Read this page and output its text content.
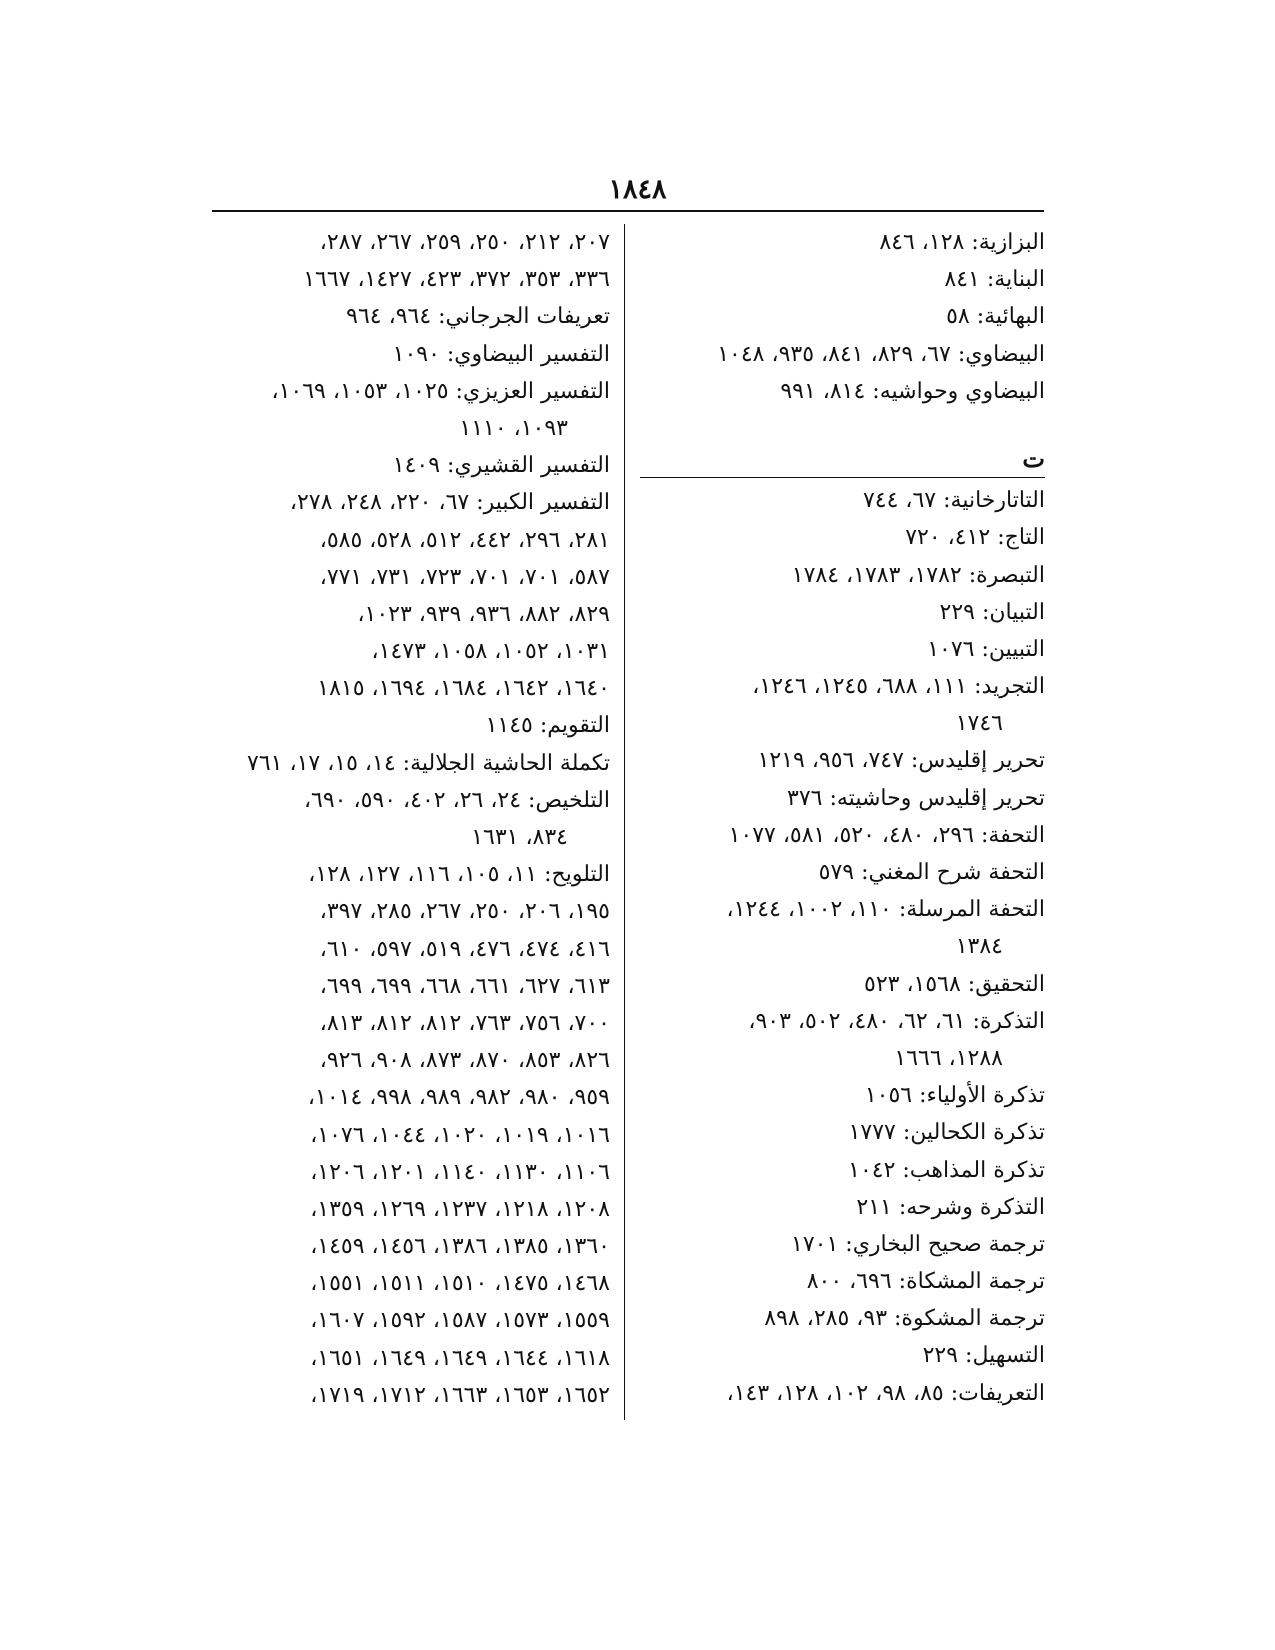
١٨٤٨
البزازية: ١٢٨، ٨٤٦
البناية: ٨٤١
البهائية: ٥٨
البيضاوي: ٦٧، ٨٢٩، ٨٤١، ٩٣٥، ١٠٤٨
البيضاوي وحواشيه: ٨١٤، ٩٩١
ت
التاتارخانية: ٦٧، ٧٤٤
التاج: ٤١٢، ٧٢٠
التبصرة: ١٧٨٢، ١٧٨٣، ١٧٨٤
التبيان: ٢٢٩
التبيين: ١٠٧٦
التجريد: ١١١، ٦٨٨، ١٢٤٥، ١٢٤٦،
١٧٤٦
تحرير إقليدس: ٧٤٧، ٩٥٦، ١٢١٩
تحرير إقليدس وحاشيته: ٣٧٦
التحفة: ٢٩٦، ٤٨٠، ٥٢٠، ٥٨١، ١٠٧٧
التحفة شرح المغني: ٥٧٩
التحفة المرسلة: ١١٠، ١٠٠٢، ١٢٤٤،
١٣٨٤
التحقيق: ١٥٦٨، ٥٢٣
التذكرة: ٦١، ٦٢، ٤٨٠، ٥٠٢، ٩٠٣،
١٢٨٨، ١٦٦٦
تذكرة الأولياء: ١٠٥٦
تذكرة الكحالين: ١٧٧٧
تذكرة المذاهب: ١٠٤٢
التذكرة وشرحه: ٢١١
ترجمة صحيح البخاري: ١٧٠١
ترجمة المشكاة: ٦٩٦، ٨٠٠
ترجمة المشكوة: ٩٣، ٢٨٥، ٨٩٨
التسهيل: ٢٢٩
التعريفات: ٨٥، ٩٨، ١٠٢، ١٢٨، ١٤٣،
٢٠٧، ٢١٢، ٢٥٠، ٢٥٩، ٢٦٧، ٢٨٧،
٣٣٦، ٣٥٣، ٣٧٢، ٤٢٣، ١٤٢٧، ١٦٦٧
تعريفات الجرجاني: ٩٦٤، ٩٦٤
التفسير البيضاوي: ١٠٩٠
التفسير العزيزي: ١٠٢٥، ١٠٥٣، ١٠٦٩،
١٠٩٣، ١١١٠
التفسير القشيري: ١٤٠٩
التفسير الكبير: ٦٧، ٢٢٠، ٢٤٨، ٢٧٨،
٢٨١، ٢٩٦، ٤٤٢، ٥١٢، ٥٢٨، ٥٨٥،
٥٨٧، ٧٠١، ٧٠١، ٧٢٣، ٧٣١، ٧٧١،
٨٢٩، ٨٨٢، ٩٣٦، ٩٣٩، ١٠٢٣،
١٠٣١، ١٠٥٢، ١٠٥٨، ١٤٧٣،
١٦٤٠، ١٦٤٢، ١٦٨٤، ١٦٩٤، ١٨١٥
التقويم: ١١٤٥
تكملة الحاشية الجلالية: ١٤، ١٥، ١٧، ٧٦١
التلخيص: ٢٤، ٢٦، ٤٠٢، ٥٩٠، ٦٩٠،
٨٣٤، ١٦٣١
التلويح: ١١، ١٠٥، ١١٦، ١٢٧، ١٢٨،
١٩٥، ٢٠٦، ٢٥٠، ٢٦٧، ٢٨٥، ٣٩٧،
٤١٦، ٤٧٤، ٤٧٦، ٥١٩، ٥٩٧، ٦١٠،
٦١٣، ٦٢٧، ٦٦١، ٦٦٨، ٦٩٩، ٦٩٩،
٧٠٠، ٧٥٦، ٧٦٣، ٨١٢، ٨١٢، ٨١٣،
٨٢٦، ٨٥٣، ٨٧٠، ٨٧٣، ٩٠٨، ٩٢٦،
٩٥٩، ٩٨٠، ٩٨٢، ٩٨٩، ٩٩٨، ١٠١٤،
١٠١٦، ١٠١٩، ١٠٢٠، ١٠٤٤، ١٠٧٦،
١١٠٦، ١١٣٠، ١١٤٠، ١٢٠١، ١٢٠٦،
١٢٠٨، ١٢١٨، ١٢٣٧، ١٢٦٩، ١٣٥٩،
١٣٦٠، ١٣٨٥، ١٣٨٦، ١٤٥٦، ١٤٥٩،
١٤٦٨، ١٤٧٥، ١٥١٠، ١٥١١، ١٥٥١،
١٥٥٩، ١٥٧٣، ١٥٨٧، ١٥٩٢، ١٦٠٧،
١٦١٨، ١٦٤٤، ١٦٤٩، ١٦٤٩، ١٦٥١،
١٦٥٢، ١٦٥٣، ١٦٦٣، ١٧١٢، ١٧١٩،
